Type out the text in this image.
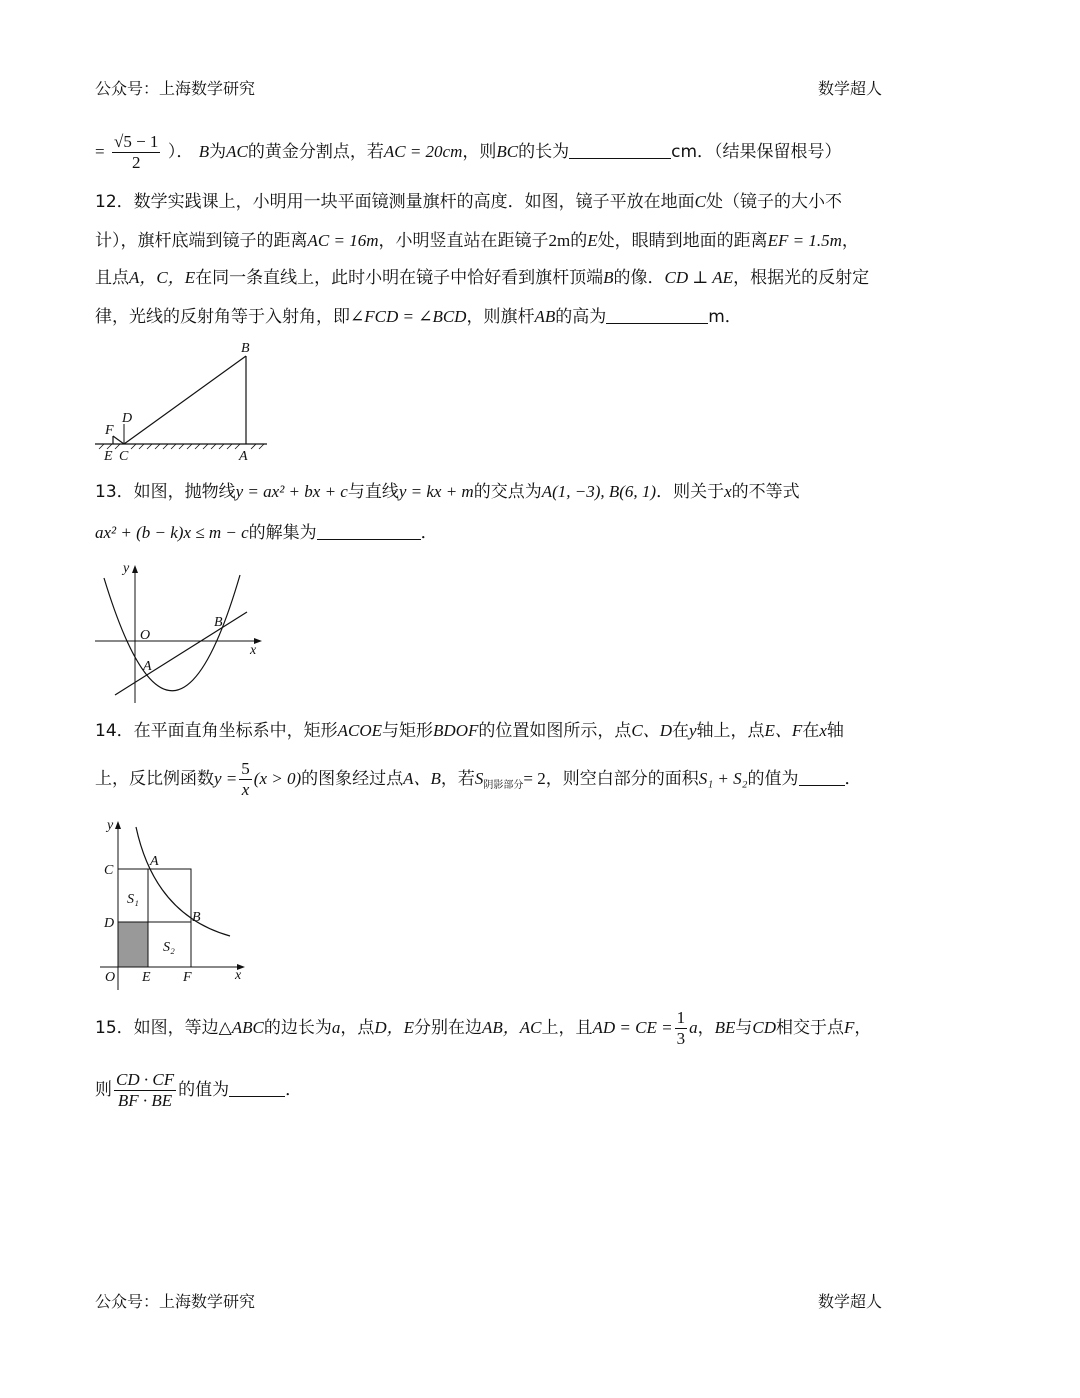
公众号：上海数学研究	数学超人
= $\frac{√5 - 1}{2}$ ）． B为AC的黄金分割点，若AC = 20cm，则BC的长为	cm．（结果保留根号）
12．数学实践课上，小明用一块平面镜测量旗杆的高度．如图，镜子平放在地面C处（镜子的大小不
计），旗杆底端到镜子的距离AC = 16m，小明竖直站在距镜子2m的E处，眼睛到地面的距离EF = 1.5m，
且点A，C，E在同一条直线上，此时小明在镜子中恰好看到旗杆顶端B的像．CD ⊥ AE，根据光的反射定
律，光线的反射角等于入射角，即∠FCD = ∠BCD，则旗杆AB的高为	m．
B
D
F
E C	A
13．如图，抛物线y = ax² + bx + c与直线y = kx + m的交点为A(1, −3), B(6, 1)．则关于x的不等式
ax² + (b − k)x ≤ m − c的解集为	．
y
x
O
A
B
14．在平面直角坐标系中，矩形ACOE与矩形BDOF的位置如图所示，点C、D在y轴上，点E、F在x轴
上，反比例函数$y = \frac{5}{x} (x > 0)$的图象经过点A、B，若$S_{阴影部分}= 2$，则空白部分的面积S₁ + S₂的值为	．
y
x
C
A
D	B
O E F
S₁
S₂
15．如图，等边△ABC的边长为a，点D，E分别在边AB，AC上，且AD = CE = $\frac{1}{3}$ a，BE与CD相交于点F，
则 $\frac{CD \cdot CF}{BF \cdot BE}$ 的值为	．
公众号：上海数学研究	数学超人
